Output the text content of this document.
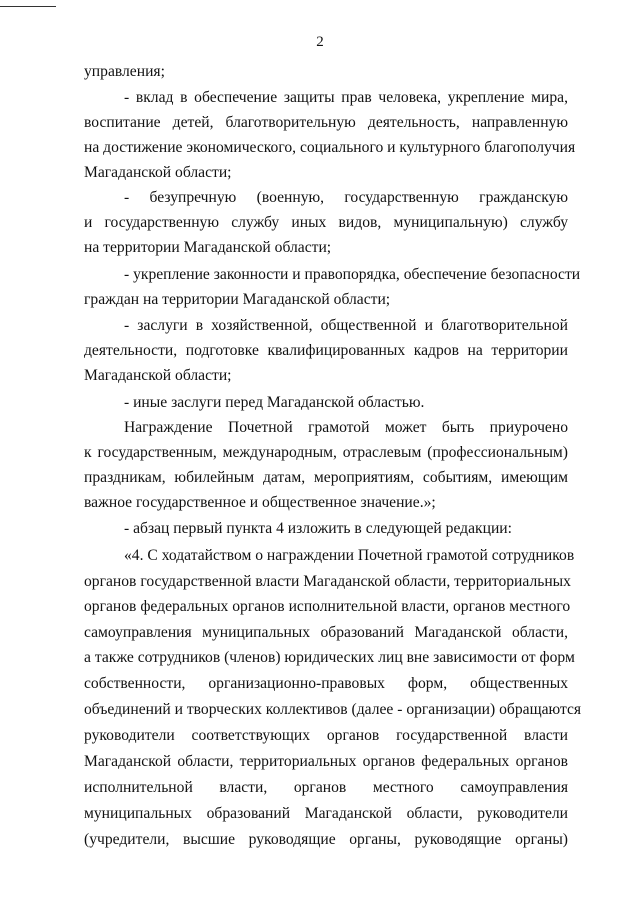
2
управления;
- вклад в обеспечение защиты прав человека, укрепление мира,
воспитание детей, благотворительную деятельность, направленную
на достижение экономического, социального и культурного благополучия
Магаданской области;
- безупречную (военную, государственную гражданскую
и государственную службу иных видов, муниципальную) службу
на территории Магаданской области;
- укрепление законности и правопорядка, обеспечение безопасности
граждан на территории Магаданской области;
- заслуги в хозяйственной, общественной и благотворительной
деятельности, подготовке квалифицированных кадров на территории
Магаданской области;
- иные заслуги перед Магаданской областью.
Награждение Почетной грамотой может быть приурочено
к государственным, международным, отраслевым (профессиональным)
праздникам, юбилейным датам, мероприятиям, событиям, имеющим
важное государственное и общественное значение.»;
- абзац первый пункта 4 изложить в следующей редакции:
«4. С ходатайством о награждении Почетной грамотой сотрудников
органов государственной власти Магаданской области, территориальных
органов федеральных органов исполнительной власти, органов местного
самоуправления муниципальных образований Магаданской области,
а также сотрудников (членов) юридических лиц вне зависимости от форм
собственности, организационно-правовых форм, общественных
объединений и творческих коллективов (далее - организации) обращаются
руководители соответствующих органов государственной власти
Магаданской области, территориальных органов федеральных органов
исполнительной власти, органов местного самоуправления
муниципальных образований Магаданской области, руководители
(учредители, высшие руководящие органы, руководящие органы)
